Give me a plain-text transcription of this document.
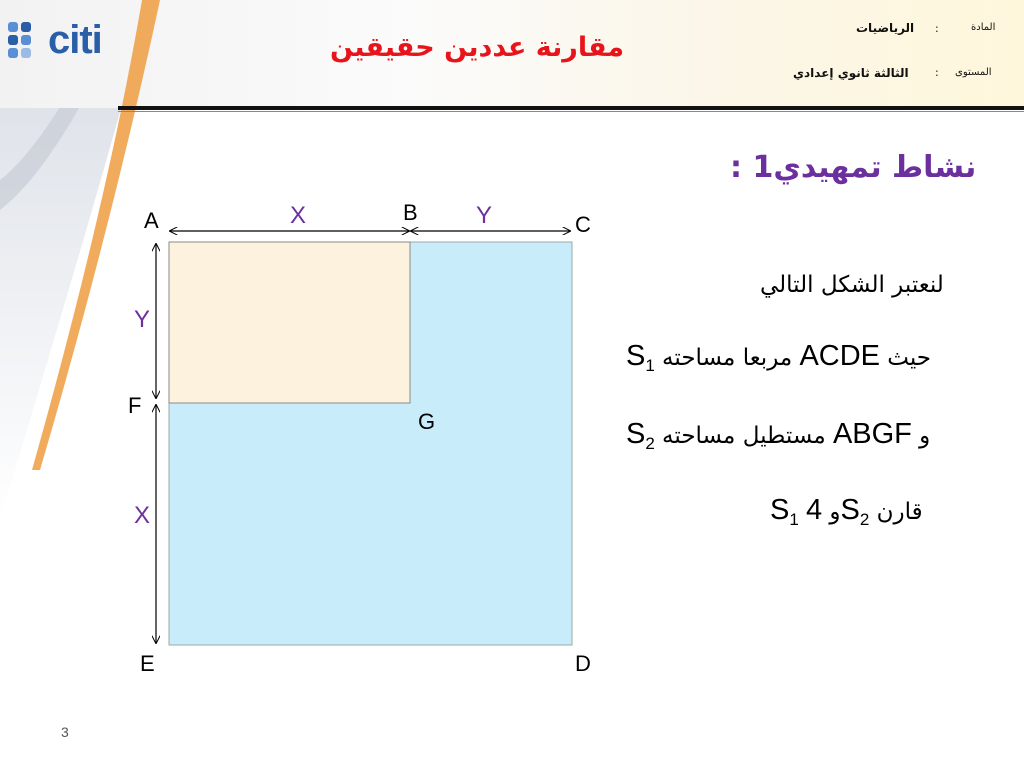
citi	مقارنة عددين حقيقين
المادة
:
الرياضيات
المستوى
:
الثالثة ثانوي إعدادي
نشاط تمهيدي1 :
لنعتبر الشكل التالي
$S_1$ مربعا مساحته ACDE حيث
$S_2$ مستطيل مساحته ABGF و
$S_1$ و $4S_2$ قارن
A	B	C
F
G
E	D
X	Y
Y
X
3
